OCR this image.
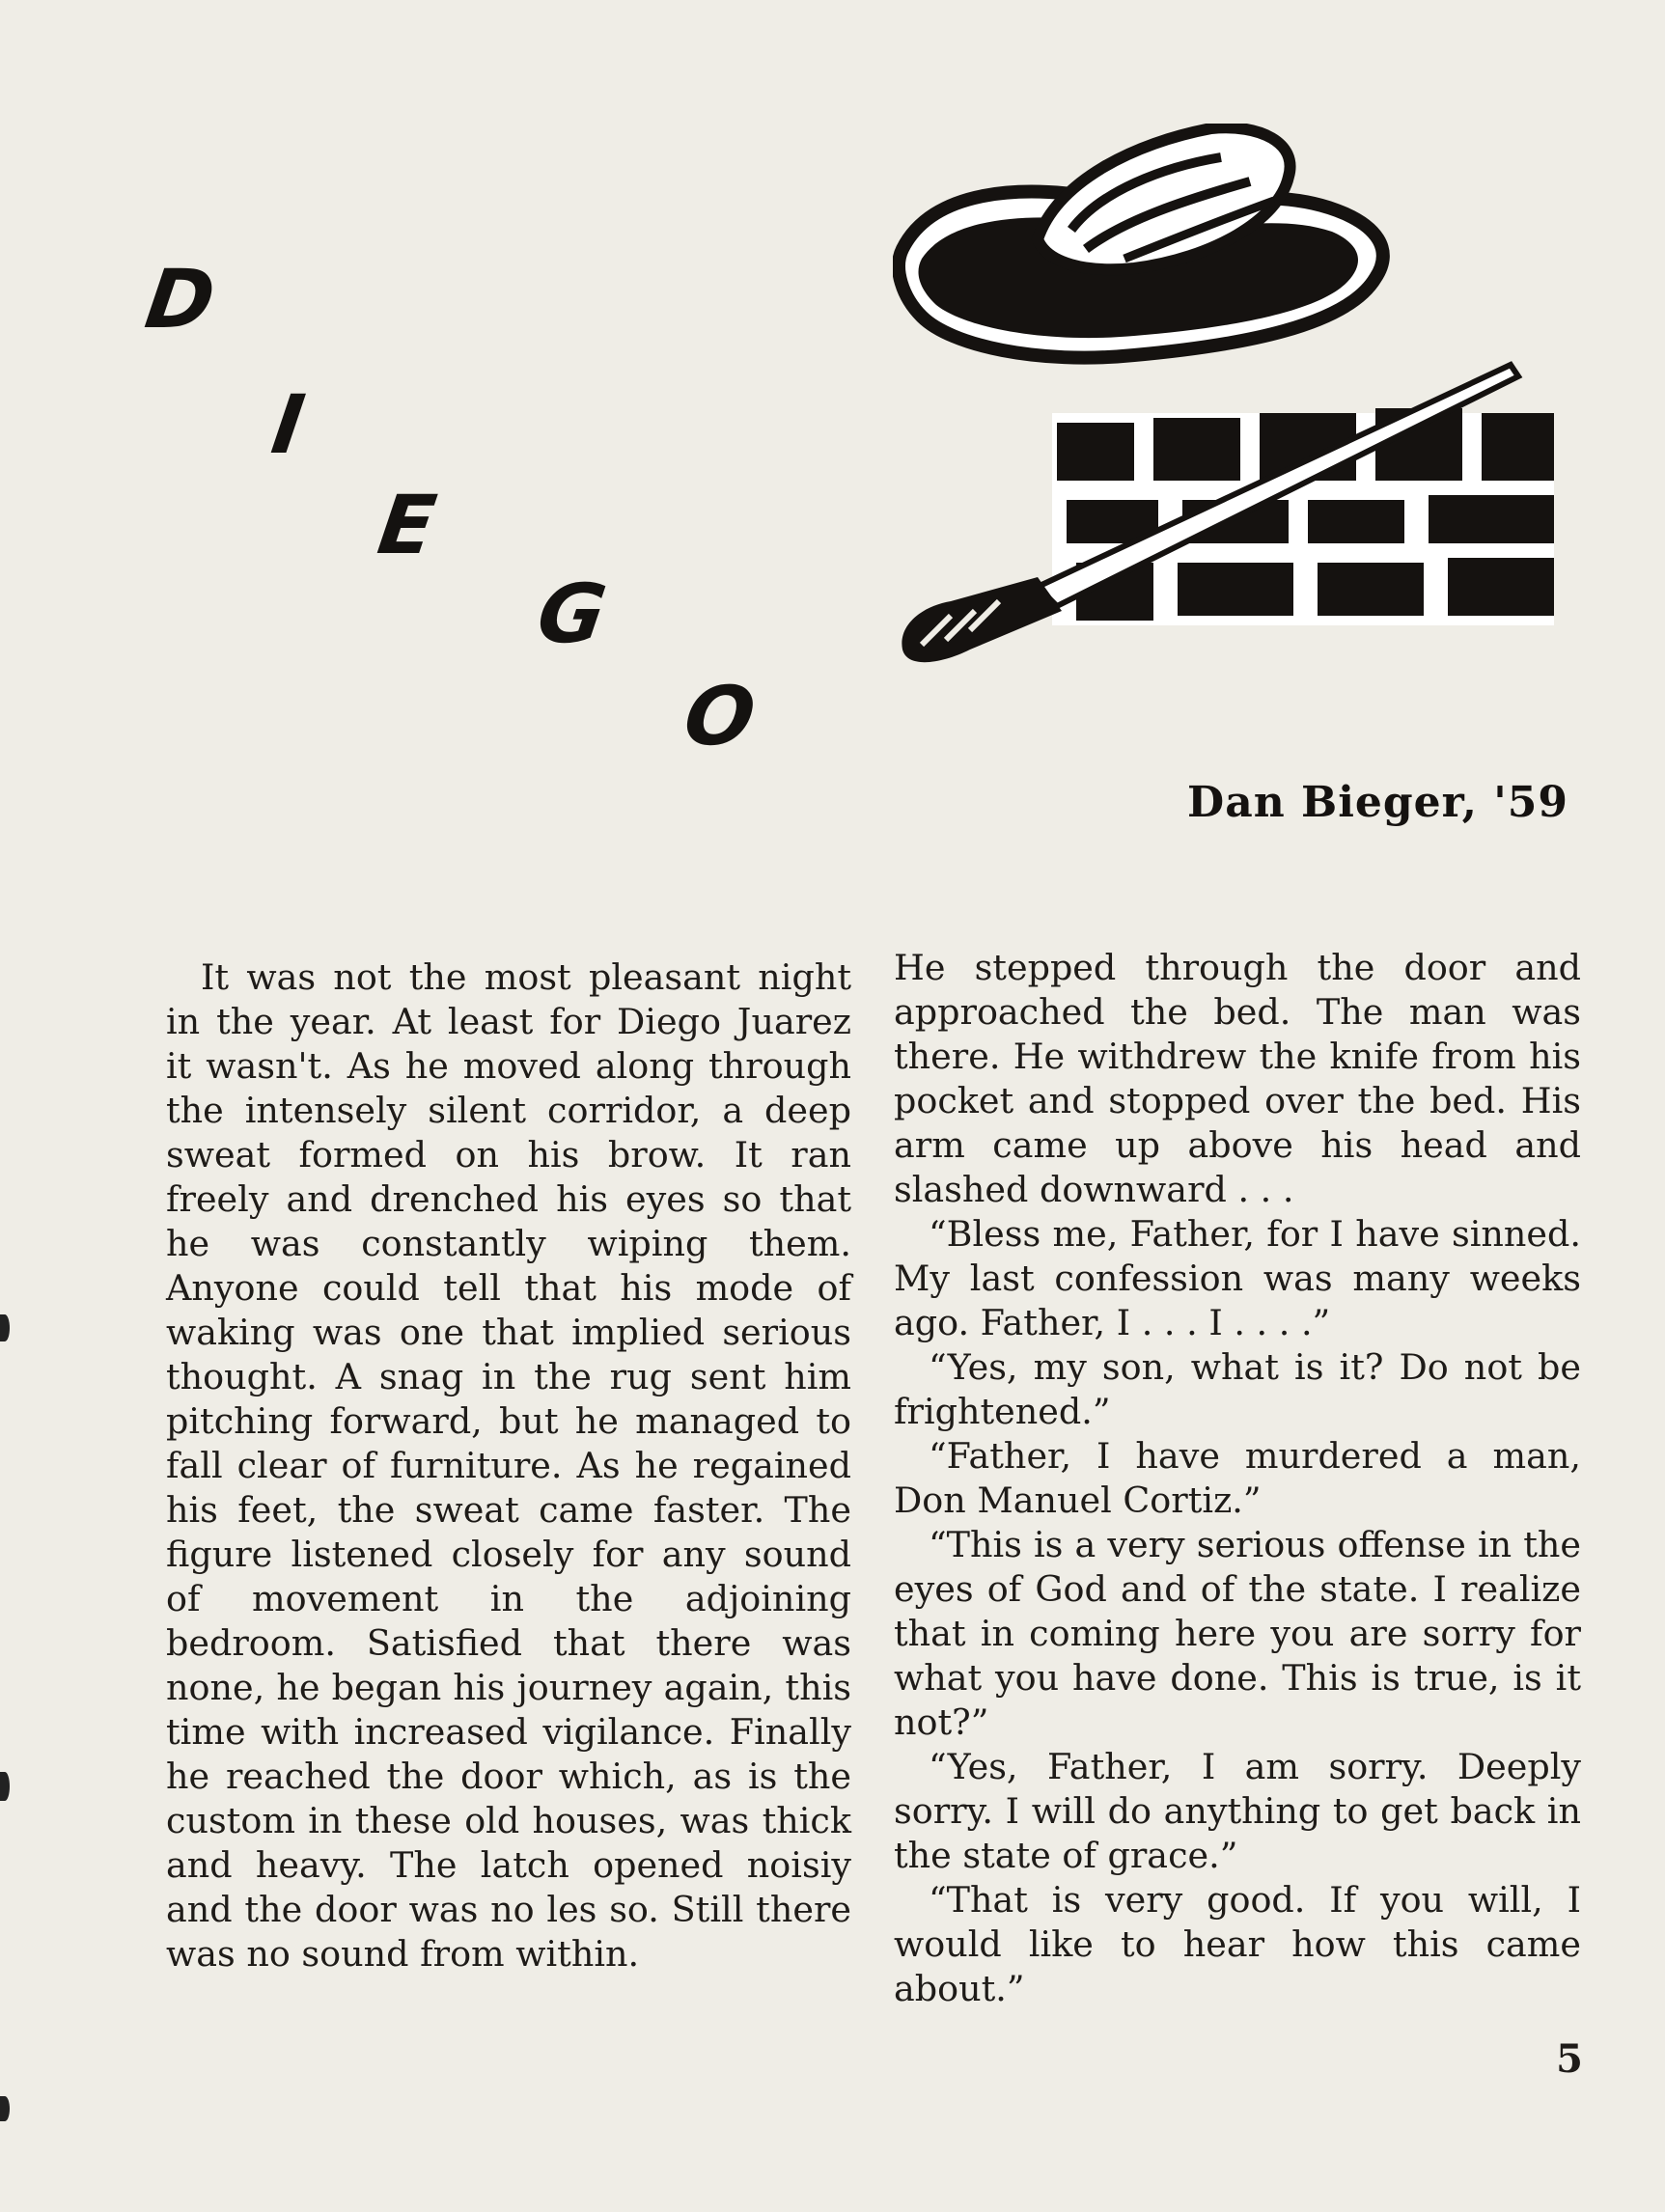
D
I
E
G
O
Dan Bieger, '59

It was not the most pleasant night in the year. At least for Diego Juarez it wasn't. As he moved along through the intensely silent corridor, a deep sweat formed on his brow. It ran freely and drenched his eyes so that he was constantly wiping them. Anyone could tell that his mode of waking was one that implied serious thought. A snag in the rug sent him pitching forward, but he managed to fall clear of furniture. As he regained his feet, the sweat came faster. The figure listened closely for any sound of movement in the adjoining bedroom. Satisfied that there was none, he began his journey again, this time with increased vigilance. Finally he reached the door which, as is the custom in these old houses, was thick and heavy. The latch opened noisiy and the door was no les so. Still there was no sound from within.

He stepped through the door and approached the bed. The man was there. He withdrew the knife from his pocket and stopped over the bed. His arm came up above his head and slashed downward . . .

“Bless me, Father, for I have sinned. My last confession was many weeks ago. Father, I . . . I . . . .”

“Yes, my son, what is it? Do not be frightened.”

“Father, I have murdered a man, Don Manuel Cortiz.”

“This is a very serious offense in the eyes of God and of the state. I realize that in coming here you are sorry for what you have done. This is true, is it not?”

“Yes, Father, I am sorry. Deeply sorry. I will do anything to get back in the state of grace.”

“That is very good. If you will, I would like to hear how this came about.”

5
